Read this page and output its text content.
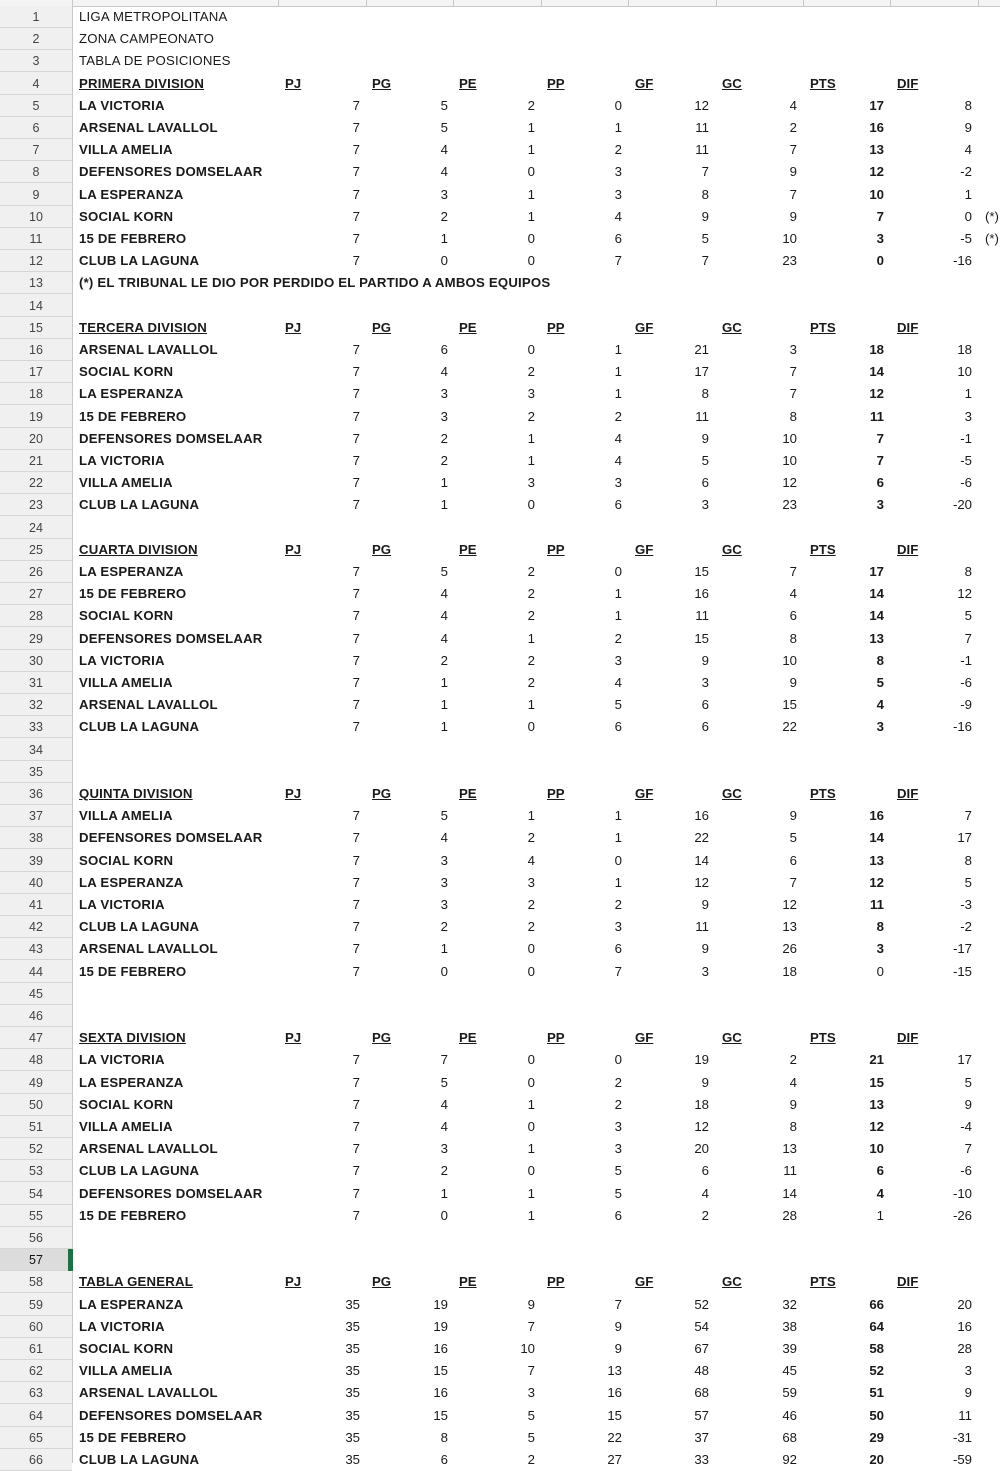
1	LIGA METROPOLITANA
2	ZONA CAMPEONATO
3	TABLA DE POSICIONES
4	PRIMERA DIVISION	PJ	PG	PE	PP	GF	GC	PTS	DIF
5	LA VICTORIA	7	5	2	0	12	4	17	8
6	ARSENAL LAVALLOL	7	5	1	1	11	2	16	9
7	VILLA AMELIA	7	4	1	2	11	7	13	4
8	DEFENSORES DOMSELAAR	7	4	0	3	7	9	12	-2
9	LA ESPERANZA	7	3	1	3	8	7	10	1
10	SOCIAL KORN	7	2	1	4	9	9	7	0 (*)
11	15 DE FEBRERO	7	1	0	6	5	10	3	-5 (*)
12	CLUB LA LAGUNA	7	0	0	7	7	23	0	-16
13	(*) EL TRIBUNAL LE DIO POR PERDIDO EL PARTIDO A AMBOS EQUIPOS
14
15	TERCERA DIVISION	PJ	PG	PE	PP	GF	GC	PTS	DIF
16	ARSENAL LAVALLOL	7	6	0	1	21	3	18	18
17	SOCIAL KORN	7	4	2	1	17	7	14	10
18	LA ESPERANZA	7	3	3	1	8	7	12	1
19	15 DE FEBRERO	7	3	2	2	11	8	11	3
20	DEFENSORES DOMSELAAR	7	2	1	4	9	10	7	-1
21	LA VICTORIA	7	2	1	4	5	10	7	-5
22	VILLA AMELIA	7	1	3	3	6	12	6	-6
23	CLUB LA LAGUNA	7	1	0	6	3	23	3	-20
24
25	CUARTA DIVISION	PJ	PG	PE	PP	GF	GC	PTS	DIF
26	LA ESPERANZA	7	5	2	0	15	7	17	8
27	15 DE FEBRERO	7	4	2	1	16	4	14	12
28	SOCIAL KORN	7	4	2	1	11	6	14	5
29	DEFENSORES DOMSELAAR	7	4	1	2	15	8	13	7
30	LA VICTORIA	7	2	2	3	9	10	8	-1
31	VILLA AMELIA	7	1	2	4	3	9	5	-6
32	ARSENAL LAVALLOL	7	1	1	5	6	15	4	-9
33	CLUB LA LAGUNA	7	1	0	6	6	22	3	-16
34
35
36	QUINTA DIVISION	PJ	PG	PE	PP	GF	GC	PTS	DIF
37	VILLA AMELIA	7	5	1	1	16	9	16	7
38	DEFENSORES DOMSELAAR	7	4	2	1	22	5	14	17
39	SOCIAL KORN	7	3	4	0	14	6	13	8
40	LA ESPERANZA	7	3	3	1	12	7	12	5
41	LA VICTORIA	7	3	2	2	9	12	11	-3
42	CLUB LA LAGUNA	7	2	2	3	11	13	8	-2
43	ARSENAL LAVALLOL	7	1	0	6	9	26	3	-17
44	15 DE FEBRERO	7	0	0	7	3	18	0	-15
45
46
47	SEXTA DIVISION	PJ	PG	PE	PP	GF	GC	PTS	DIF
48	LA VICTORIA	7	7	0	0	19	2	21	17
49	LA ESPERANZA	7	5	0	2	9	4	15	5
50	SOCIAL KORN	7	4	1	2	18	9	13	9
51	VILLA AMELIA	7	4	0	3	12	8	12	-4
52	ARSENAL LAVALLOL	7	3	1	3	20	13	10	7
53	CLUB LA LAGUNA	7	2	0	5	6	11	6	-6
54	DEFENSORES DOMSELAAR	7	1	1	5	4	14	4	-10
55	15 DE FEBRERO	7	0	1	6	2	28	1	-26
56
57
58	TABLA GENERAL	PJ	PG	PE	PP	GF	GC	PTS	DIF
59	LA ESPERANZA	35	19	9	7	52	32	66	20
60	LA VICTORIA	35	19	7	9	54	38	64	16
61	SOCIAL KORN	35	16	10	9	67	39	58	28
62	VILLA AMELIA	35	15	7	13	48	45	52	3
63	ARSENAL LAVALLOL	35	16	3	16	68	59	51	9
64	DEFENSORES DOMSELAAR	35	15	5	15	57	46	50	11
65	15 DE FEBRERO	35	8	5	22	37	68	29	-31
66	CLUB LA LAGUNA	35	6	2	27	33	92	20	-59
